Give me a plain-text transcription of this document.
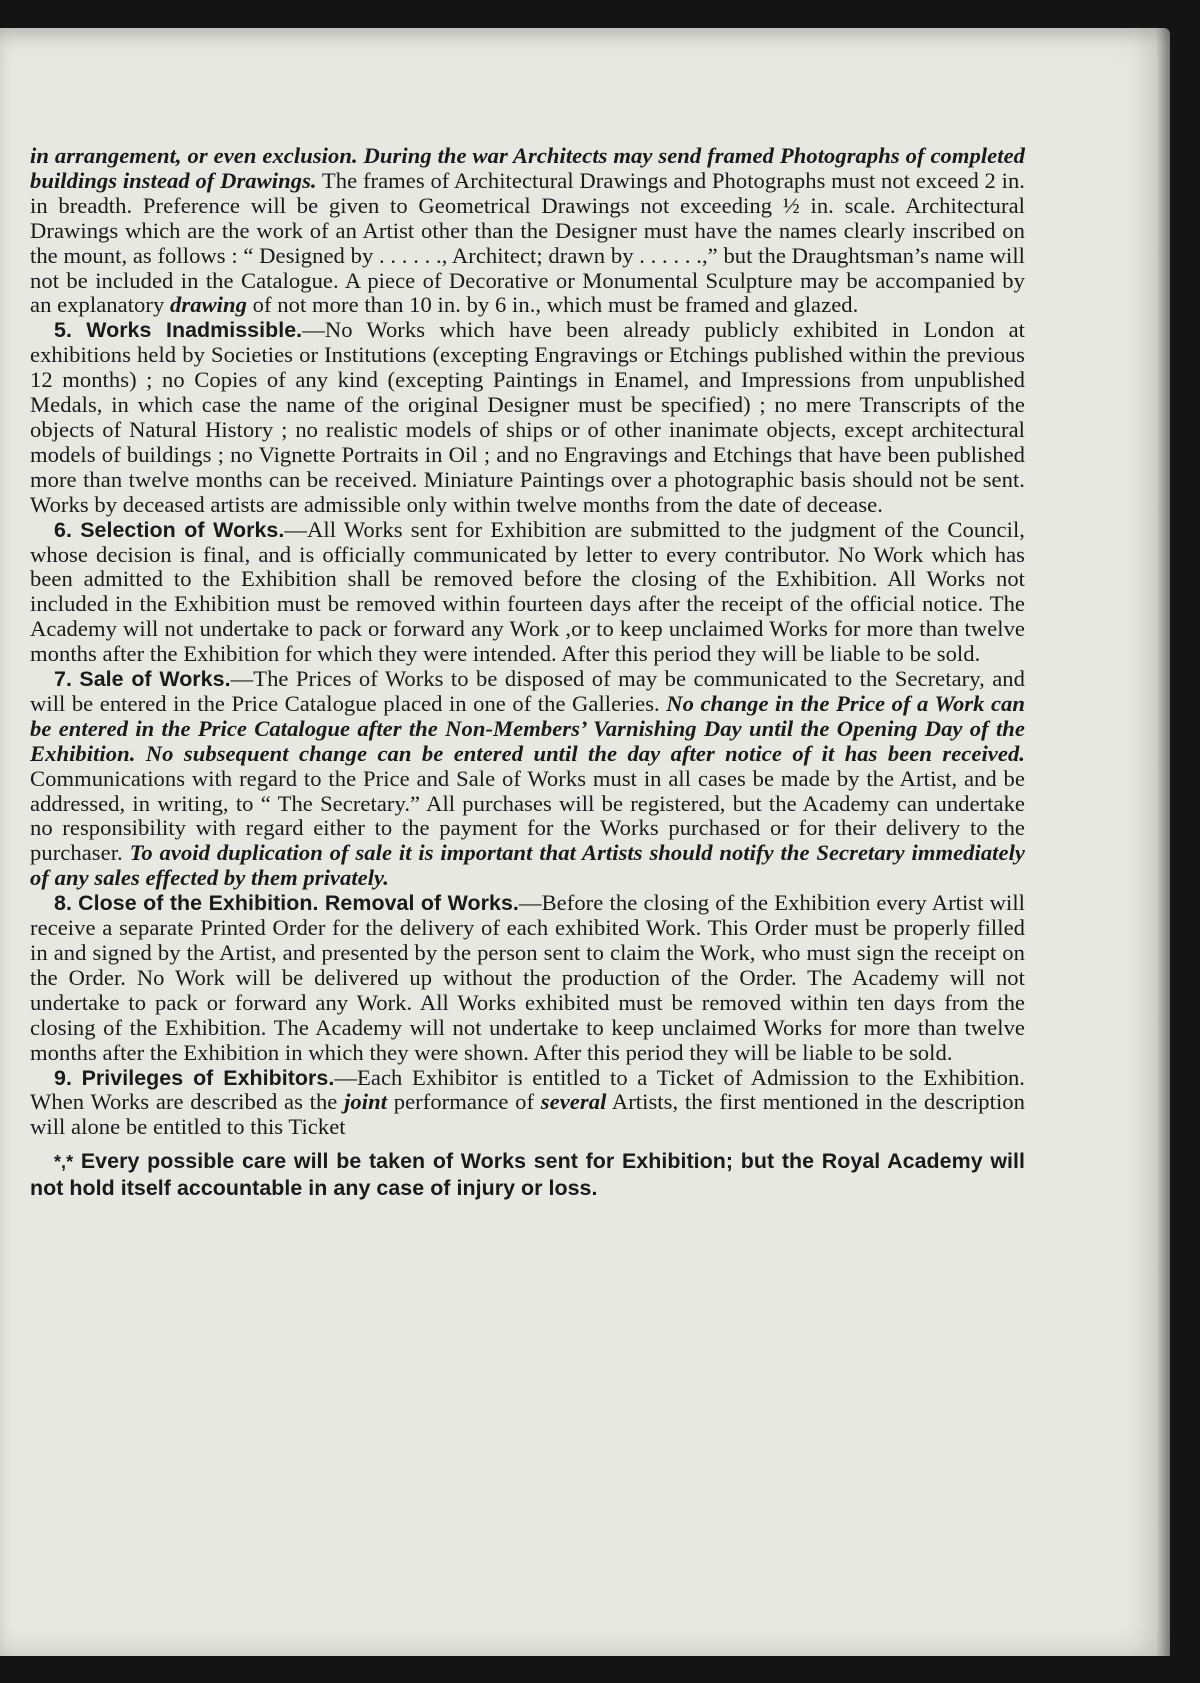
in arrangement, or even exclusion. During the war Architects may send framed Photographs of completed buildings instead of Drawings. The frames of Architectural Drawings and Photographs must not exceed 2 in. in breadth. Preference will be given to Geometrical Drawings not exceeding ½ in. scale. Architectural Drawings which are the work of an Artist other than the Designer must have the names clearly inscribed on the mount, as follows : “ Designed by . . . . . ., Architect; drawn by . . . . . .,” but the Draughtsman’s name will not be included in the Catalogue. A piece of Decorative or Monumental Sculpture may be accompanied by an explanatory drawing of not more than 10 in. by 6 in., which must be framed and glazed.

5. Works Inadmissible.—No Works which have been already publicly exhibited in London at exhibitions held by Societies or Institutions (excepting Engravings or Etchings published within the previous 12 months) ; no Copies of any kind (excepting Paintings in Enamel, and Impressions from unpublished Medals, in which case the name of the original Designer must be specified) ; no mere Transcripts of the objects of Natural History ; no realistic models of ships or of other inanimate objects, except architectural models of buildings ; no Vignette Portraits in Oil ; and no Engravings and Etchings that have been published more than twelve months can be received. Miniature Paintings over a photographic basis should not be sent. Works by deceased artists are admissible only within twelve months from the date of decease.

6. Selection of Works.—All Works sent for Exhibition are submitted to the judgment of the Council, whose decision is final, and is officially communicated by letter to every contributor. No Work which has been admitted to the Exhibition shall be removed before the closing of the Exhibition. All Works not included in the Exhibition must be removed within fourteen days after the receipt of the official notice. The Academy will not undertake to pack or forward any Work ,or to keep unclaimed Works for more than twelve months after the Exhibition for which they were intended. After this period they will be liable to be sold.

7. Sale of Works.—The Prices of Works to be disposed of may be communicated to the Secretary, and will be entered in the Price Catalogue placed in one of the Galleries. No change in the Price of a Work can be entered in the Price Catalogue after the Non-Members’ Varnishing Day until the Opening Day of the Exhibition. No subsequent change can be entered until the day after notice of it has been received. Communications with regard to the Price and Sale of Works must in all cases be made by the Artist, and be addressed, in writing, to “ The Secretary.” All purchases will be registered, but the Academy can undertake no responsibility with regard either to the payment for the Works purchased or for their delivery to the purchaser. To avoid duplication of sale it is important that Artists should notify the Secretary immediately of any sales effected by them privately.

8. Close of the Exhibition. Removal of Works.—Before the closing of the Exhibition every Artist will receive a separate Printed Order for the delivery of each exhibited Work. This Order must be properly filled in and signed by the Artist, and presented by the person sent to claim the Work, who must sign the receipt on the Order. No Work will be delivered up without the production of the Order. The Academy will not undertake to pack or forward any Work. All Works exhibited must be removed within ten days from the closing of the Exhibition. The Academy will not undertake to keep unclaimed Works for more than twelve months after the Exhibition in which they were shown. After this period they will be liable to be sold.

9. Privileges of Exhibitors.—Each Exhibitor is entitled to a Ticket of Admission to the Exhibition. When Works are described as the joint performance of several Artists, the first mentioned in the description will alone be entitled to this Ticket

*,* Every possible care will be taken of Works sent for Exhibition; but the Royal Academy will not hold itself accountable in any case of injury or loss.
